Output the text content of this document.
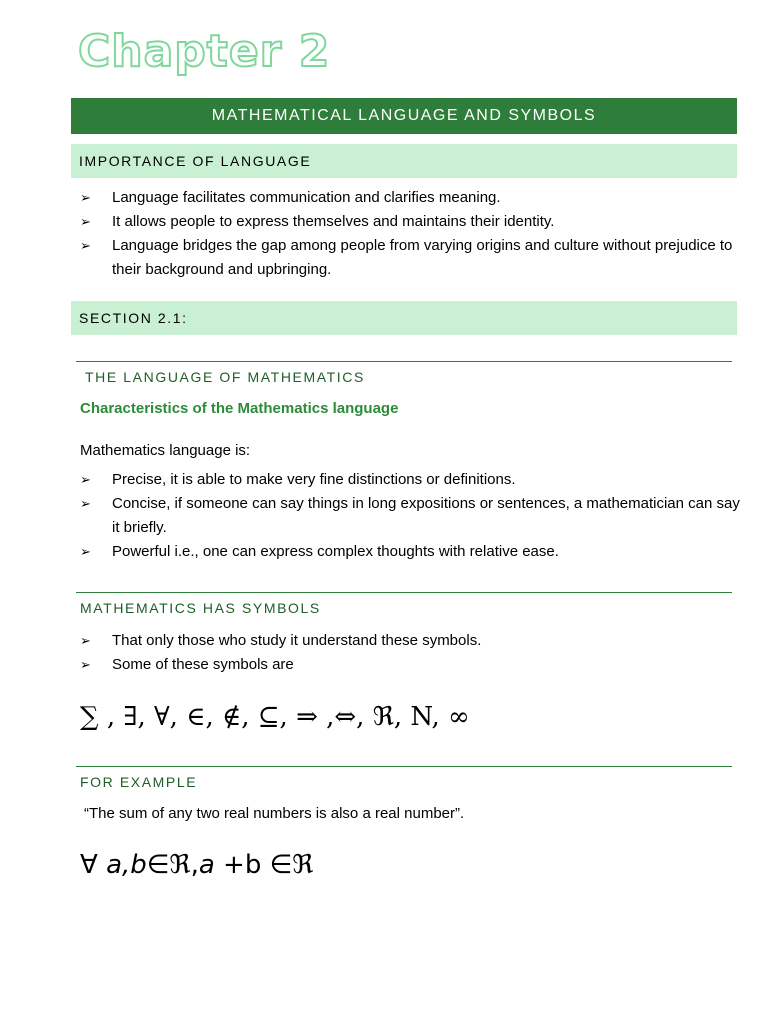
Chapter 2
MATHEMATICAL LANGUAGE AND SYMBOLS
IMPORTANCE OF LANGUAGE
➢ Language facilitates communication and clarifies meaning.
➢ It allows people to express themselves and maintains their identity.
➢ Language bridges the gap among people from varying origins and culture without prejudice to their background and upbringing.
SECTION 2.1:
THE LANGUAGE OF MATHEMATICS
Characteristics of the Mathematics language
Mathematics language is:
➢ Precise, it is able to make very fine distinctions or definitions.
➢ Concise, if someone can say things in long expositions or sentences, a mathematician can say it briefly.
➢ Powerful i.e., one can express complex thoughts with relative ease.
MATHEMATICS HAS SYMBOLS
➢ That only those who study it understand these symbols.
➢ Some of these symbols are
∑ , ∃, ∀, ∈, ∉, ⊆, ⇒ ,⇔, ℜ, N, ∞
FOR EXAMPLE
“The sum of any two real numbers is also a real number”.
∀ a,b∈ℜ,a +b ∈ℜ
